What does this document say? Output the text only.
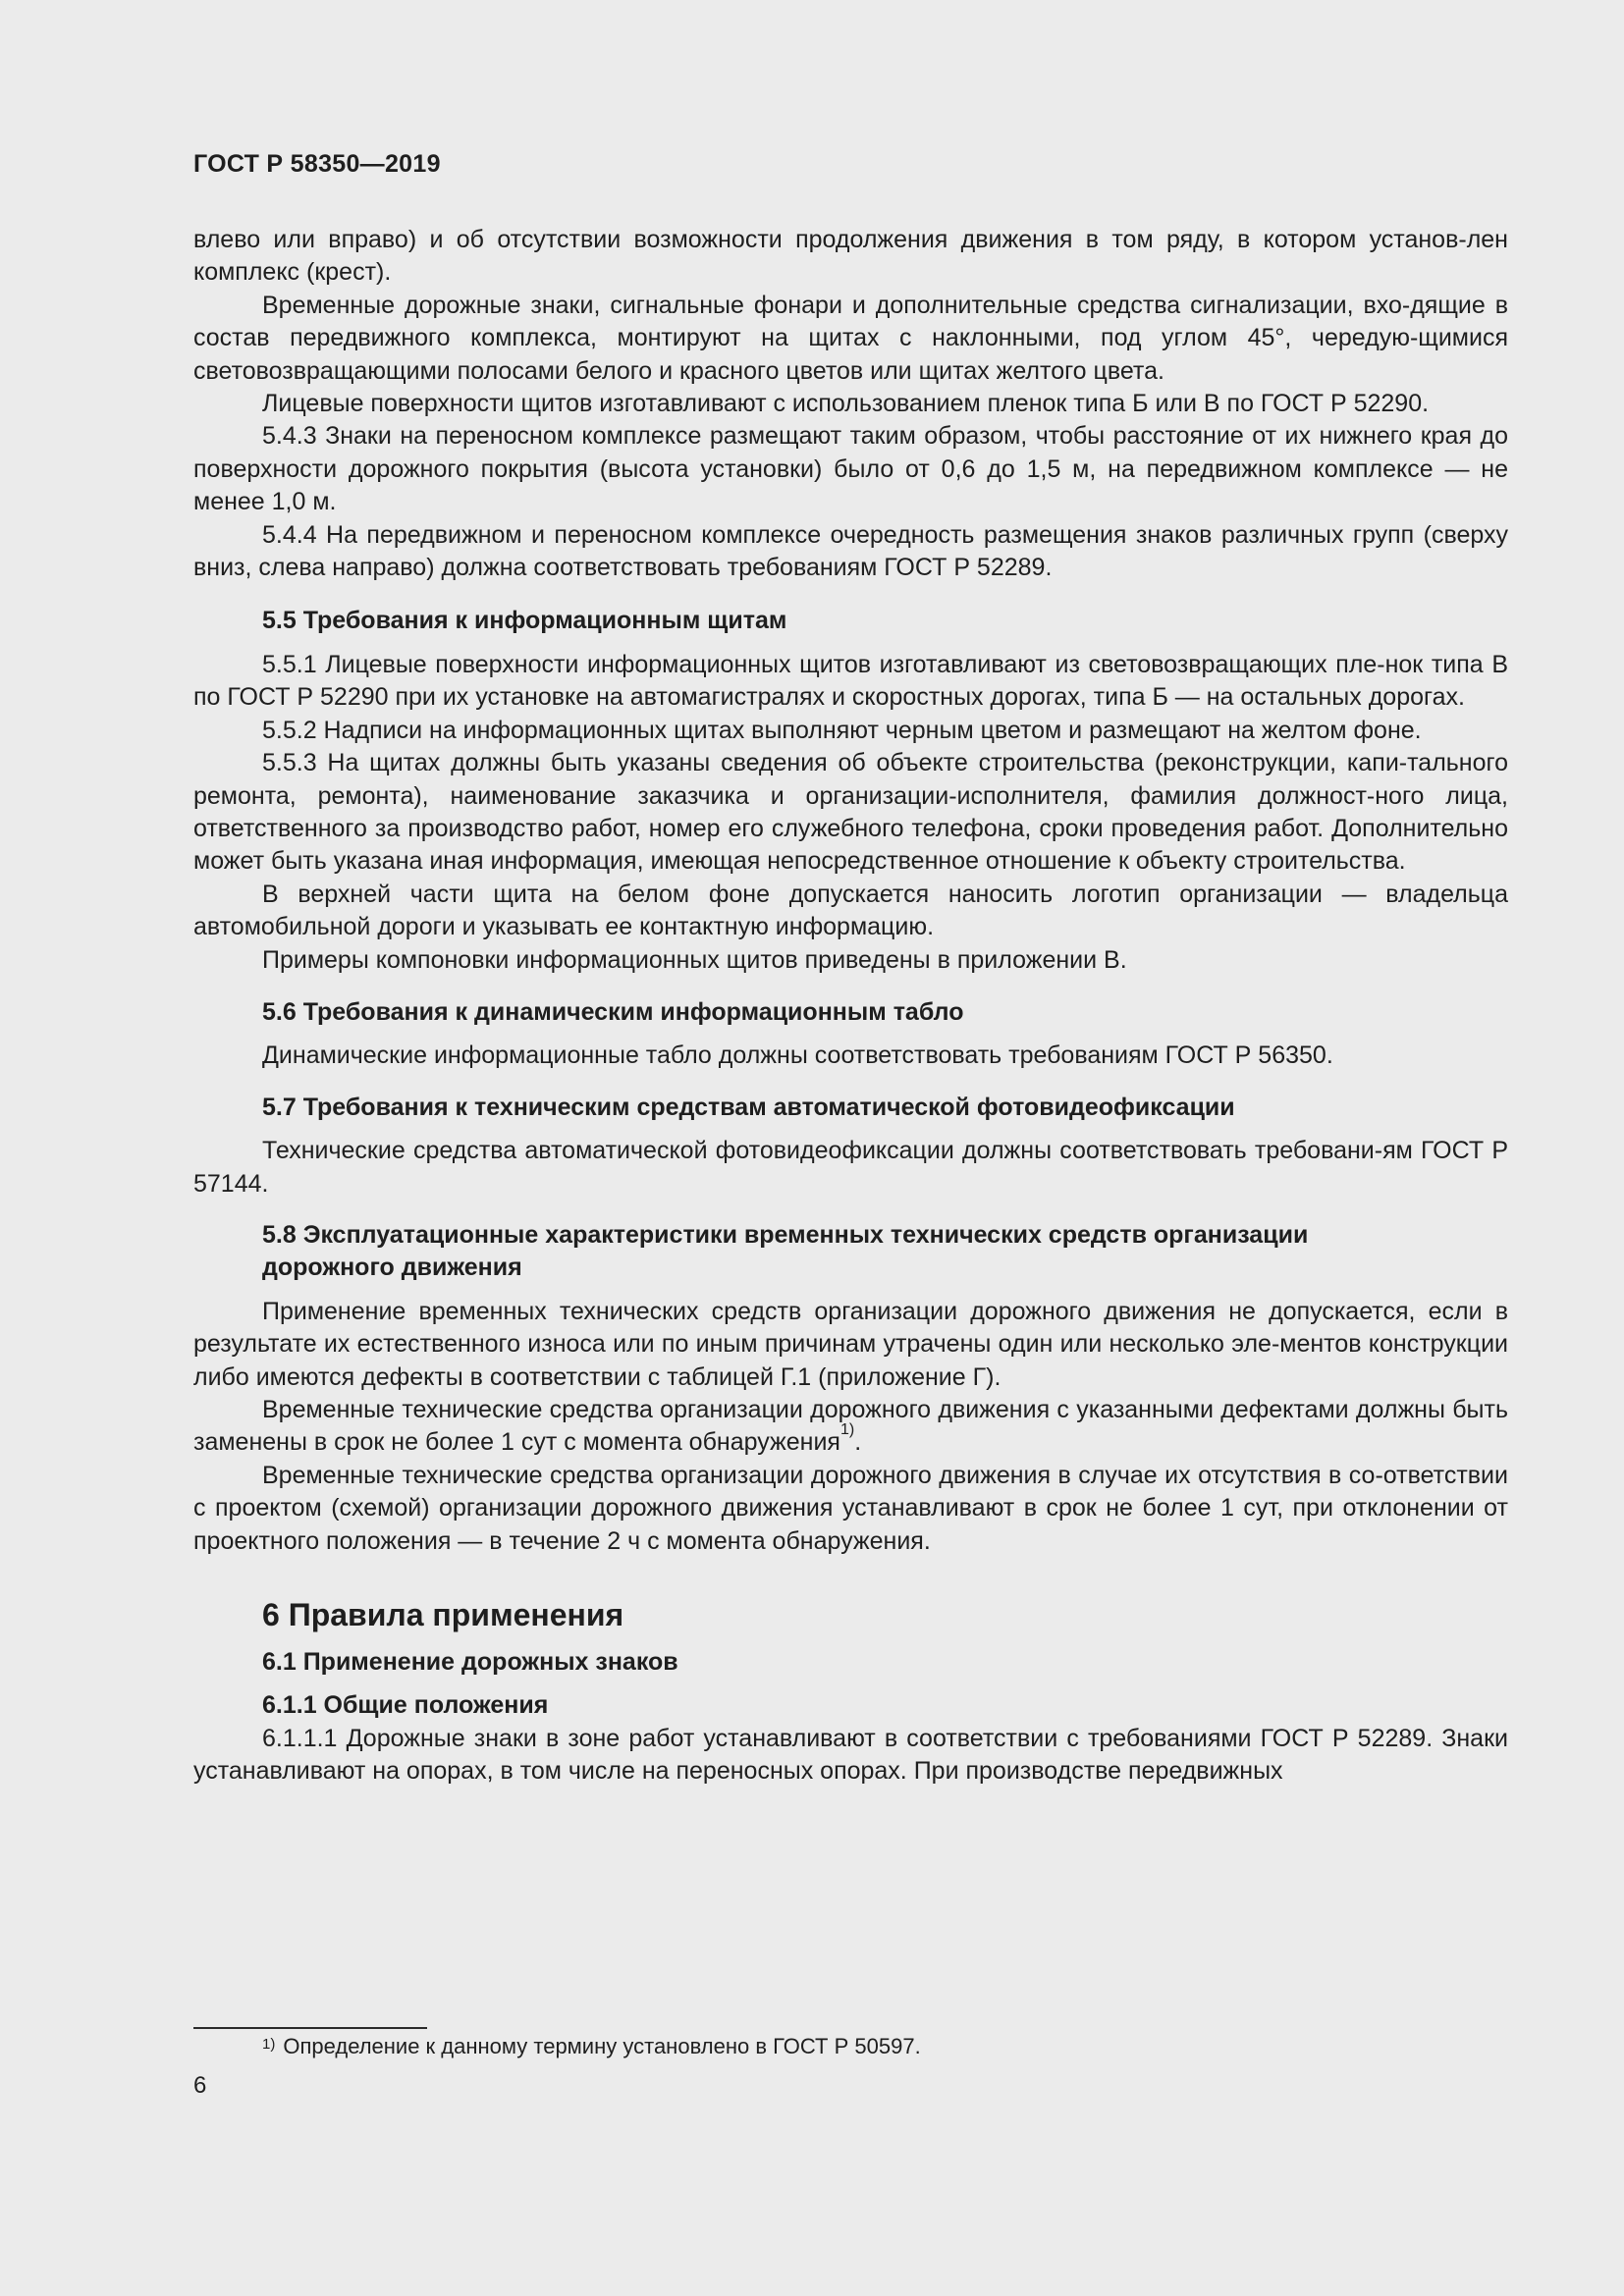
ГОСТ Р 58350—2019

влево или вправо) и об отсутствии возможности продолжения движения в том ряду, в котором установ-лен комплекс (крест).

Временные дорожные знаки, сигнальные фонари и дополнительные средства сигнализации, вхо-дящие в состав передвижного комплекса, монтируют на щитах с наклонными, под углом 45°, чередую-щимися световозвращающими полосами белого и красного цветов или щитах желтого цвета.

Лицевые поверхности щитов изготавливают с использованием пленок типа Б или В по ГОСТ Р 52290.

5.4.3 Знаки на переносном комплексе размещают таким образом, чтобы расстояние от их нижнего края до поверхности дорожного покрытия (высота установки) было от 0,6 до 1,5 м, на передвижном комплексе — не менее 1,0 м.

5.4.4 На передвижном и переносном комплексе очередность размещения знаков различных групп (сверху вниз, слева направо) должна соответствовать требованиям ГОСТ Р 52289.

5.5 Требования к информационным щитам

5.5.1 Лицевые поверхности информационных щитов изготавливают из световозвращающих пле-нок типа В по ГОСТ Р 52290 при их установке на автомагистралях и скоростных дорогах, типа Б — на остальных дорогах.

5.5.2 Надписи на информационных щитах выполняют черным цветом и размещают на желтом фоне.

5.5.3 На щитах должны быть указаны сведения об объекте строительства (реконструкции, капи-тального ремонта, ремонта), наименование заказчика и организации-исполнителя, фамилия должност-ного лица, ответственного за производство работ, номер его служебного телефона, сроки проведения работ. Дополнительно может быть указана иная информация, имеющая непосредственное отношение к объекту строительства.

В верхней части щита на белом фоне допускается наносить логотип организации — владельца автомобильной дороги и указывать ее контактную информацию.

Примеры компоновки информационных щитов приведены в приложении В.

5.6 Требования к динамическим информационным табло

Динамические информационные табло должны соответствовать требованиям ГОСТ Р 56350.

5.7 Требования к техническим средствам автоматической фотовидеофиксации

Технические средства автоматической фотовидеофиксации должны соответствовать требовани-ям ГОСТ Р 57144.

5.8 Эксплуатационные характеристики временных технических средств организации

дорожного движения

Применение временных технических средств организации дорожного движения не допускается, если в результате их естественного износа или по иным причинам утрачены один или несколько эле-ментов конструкции либо имеются дефекты в соответствии с таблицей Г.1 (приложение Г).

Временные технические средства организации дорожного движения с указанными дефектами должны быть заменены в срок не более 1 сут с момента обнаружения$^{1)}$.

Временные технические средства организации дорожного движения в случае их отсутствия в со-ответствии с проектом (схемой) организации дорожного движения устанавливают в срок не более 1 сут, при отклонении от проектного положения — в течение 2 ч с момента обнаружения.

6 Правила применения

6.1 Применение дорожных знаков

6.1.1 Общие положения

6.1.1.1 Дорожные знаки в зоне работ устанавливают в соответствии с требованиями ГОСТ Р 52289. Знаки устанавливают на опорах, в том числе на переносных опорах. При производстве передвижных

$^{1)}$ Определение к данному термину установлено в ГОСТ Р 50597.
6
